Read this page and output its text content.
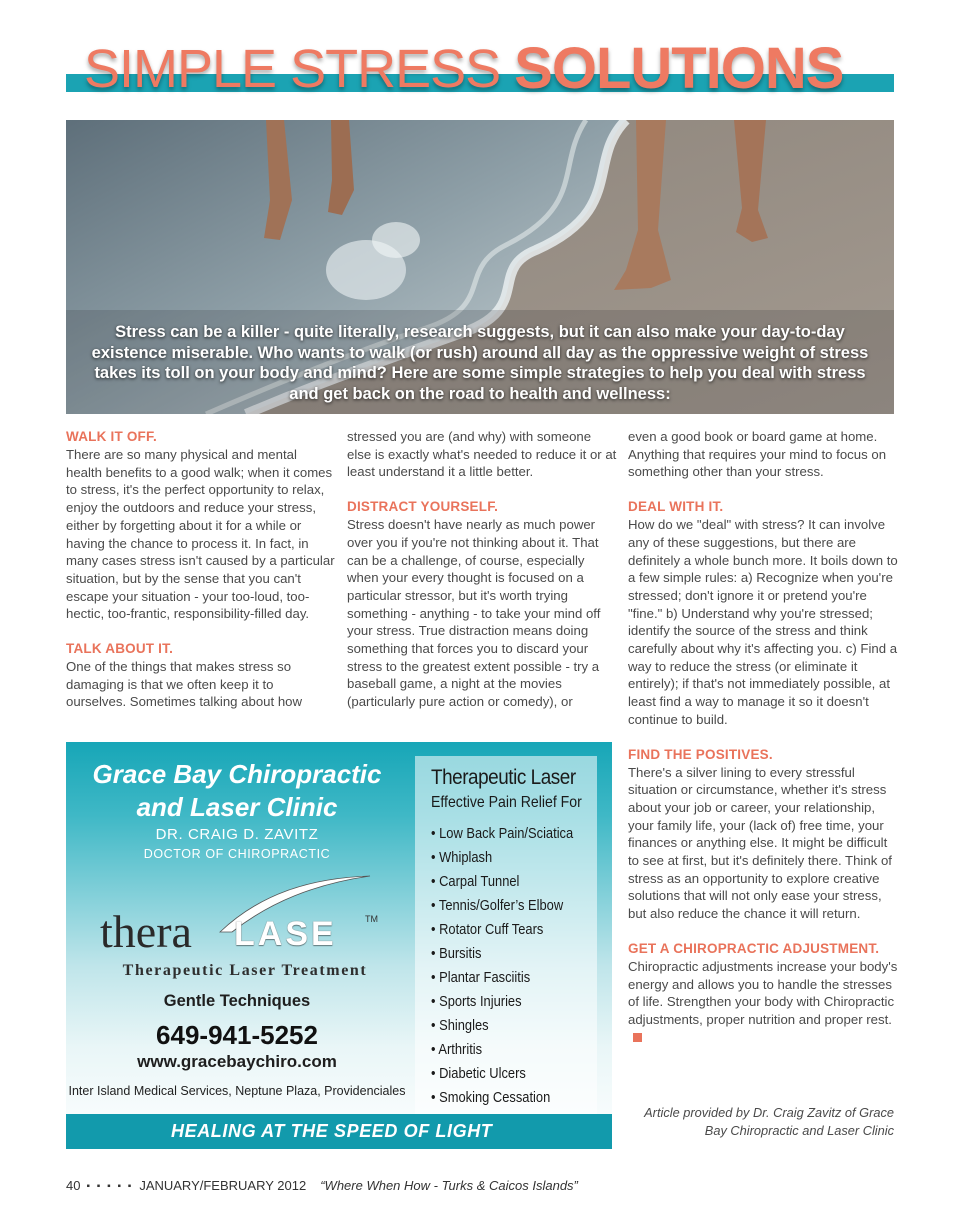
SIMPLE STRESS SOLUTIONS
Stress can be a killer - quite literally, research suggests, but it can also make your day-to-day existence miserable. Who wants to walk (or rush) around all day as the oppressive weight of stress takes its toll on your body and mind? Here are some simple strategies to help you deal with stress and get back on the road to health and wellness:
WALK IT OFF.

There are so many physical and mental health benefits to a good walk; when it comes to stress, it's the perfect opportunity to relax, enjoy the outdoors and reduce your stress, either by forgetting about it for a while or having the chance to process it. In fact, in many cases stress isn't caused by a particular situation, but by the sense that you can't escape your situation - your too-loud, too-hectic, too-frantic, responsibility-filled day.

TALK ABOUT IT.

One of the things that makes stress so damaging is that we often keep it to ourselves. Sometimes talking about how

stressed you are (and why) with someone else is exactly what's needed to reduce it or at least understand it a little better.

DISTRACT YOURSELF.

Stress doesn't have nearly as much power over you if you're not thinking about it. That can be a challenge, of course, especially when your every thought is focused on a particular stressor, but it's worth trying something - anything - to take your mind off your stress. True distraction means doing something that forces you to discard your stress to the greatest extent possible - try a baseball game, a night at the movies (particularly pure action or comedy), or

even a good book or board game at home. Anything that requires your mind to focus on something other than your stress.

DEAL WITH IT.

How do we "deal" with stress? It can involve any of these suggestions, but there are definitely a whole bunch more. It boils down to a few simple rules: a) Recognize when you're stressed; don't ignore it or pretend you're "fine." b) Understand why you're stressed; identify the source of the stress and think carefully about why it's affecting you. c) Find a way to reduce the stress (or eliminate it entirely); if that's not immediately possible, at least find a way to manage it so it doesn't continue to build.

FIND THE POSITIVES.

There's a silver lining to every stressful situation or circumstance, whether it's stress about your job or career, your relationship, your family life, your (lack of) free time, your finances or anything else. It might be difficult to see at first, but it's definitely there. Think of stress as an opportunity to explore creative solutions that will not only ease your stress, but also reduce the chance it will return.

GET A CHIROPRACTIC ADJUSTMENT.

Chiropractic adjustments increase your body's energy and allows you to handle the stresses of life. Strengthen your body with Chiropractic adjustments, proper nutrition and proper rest.

Article provided by Dr. Craig Zavitz of Grace Bay Chiropractic and Laser Clinic
Grace Bay Chiropractic and Laser Clinic
DR. CRAIG D. ZAVITZ
DOCTOR OF CHIROPRACTIC
thera LASE	TM
Therapeutic Laser Treatment
Gentle Techniques
649-941-5252
www.gracebaychiro.com
Inter Island Medical Services, Neptune Plaza, Providenciales
Therapeutic Laser
Effective Pain Relief For
• Low Back Pain/Sciatica
• Whiplash
• Carpal Tunnel
• Tennis/Golfer’s Elbow
• Rotator Cuff Tears
• Bursitis
• Plantar Fasciitis
• Sports Injuries
• Shingles
• Arthritis
• Diabetic Ulcers
• Smoking Cessation
HEALING AT THE SPEED OF LIGHT
40 ▪ ▪ ▪ ▪ ▪ JANUARY/FEBRUARY 2012 “Where When How - Turks & Caicos Islands”
